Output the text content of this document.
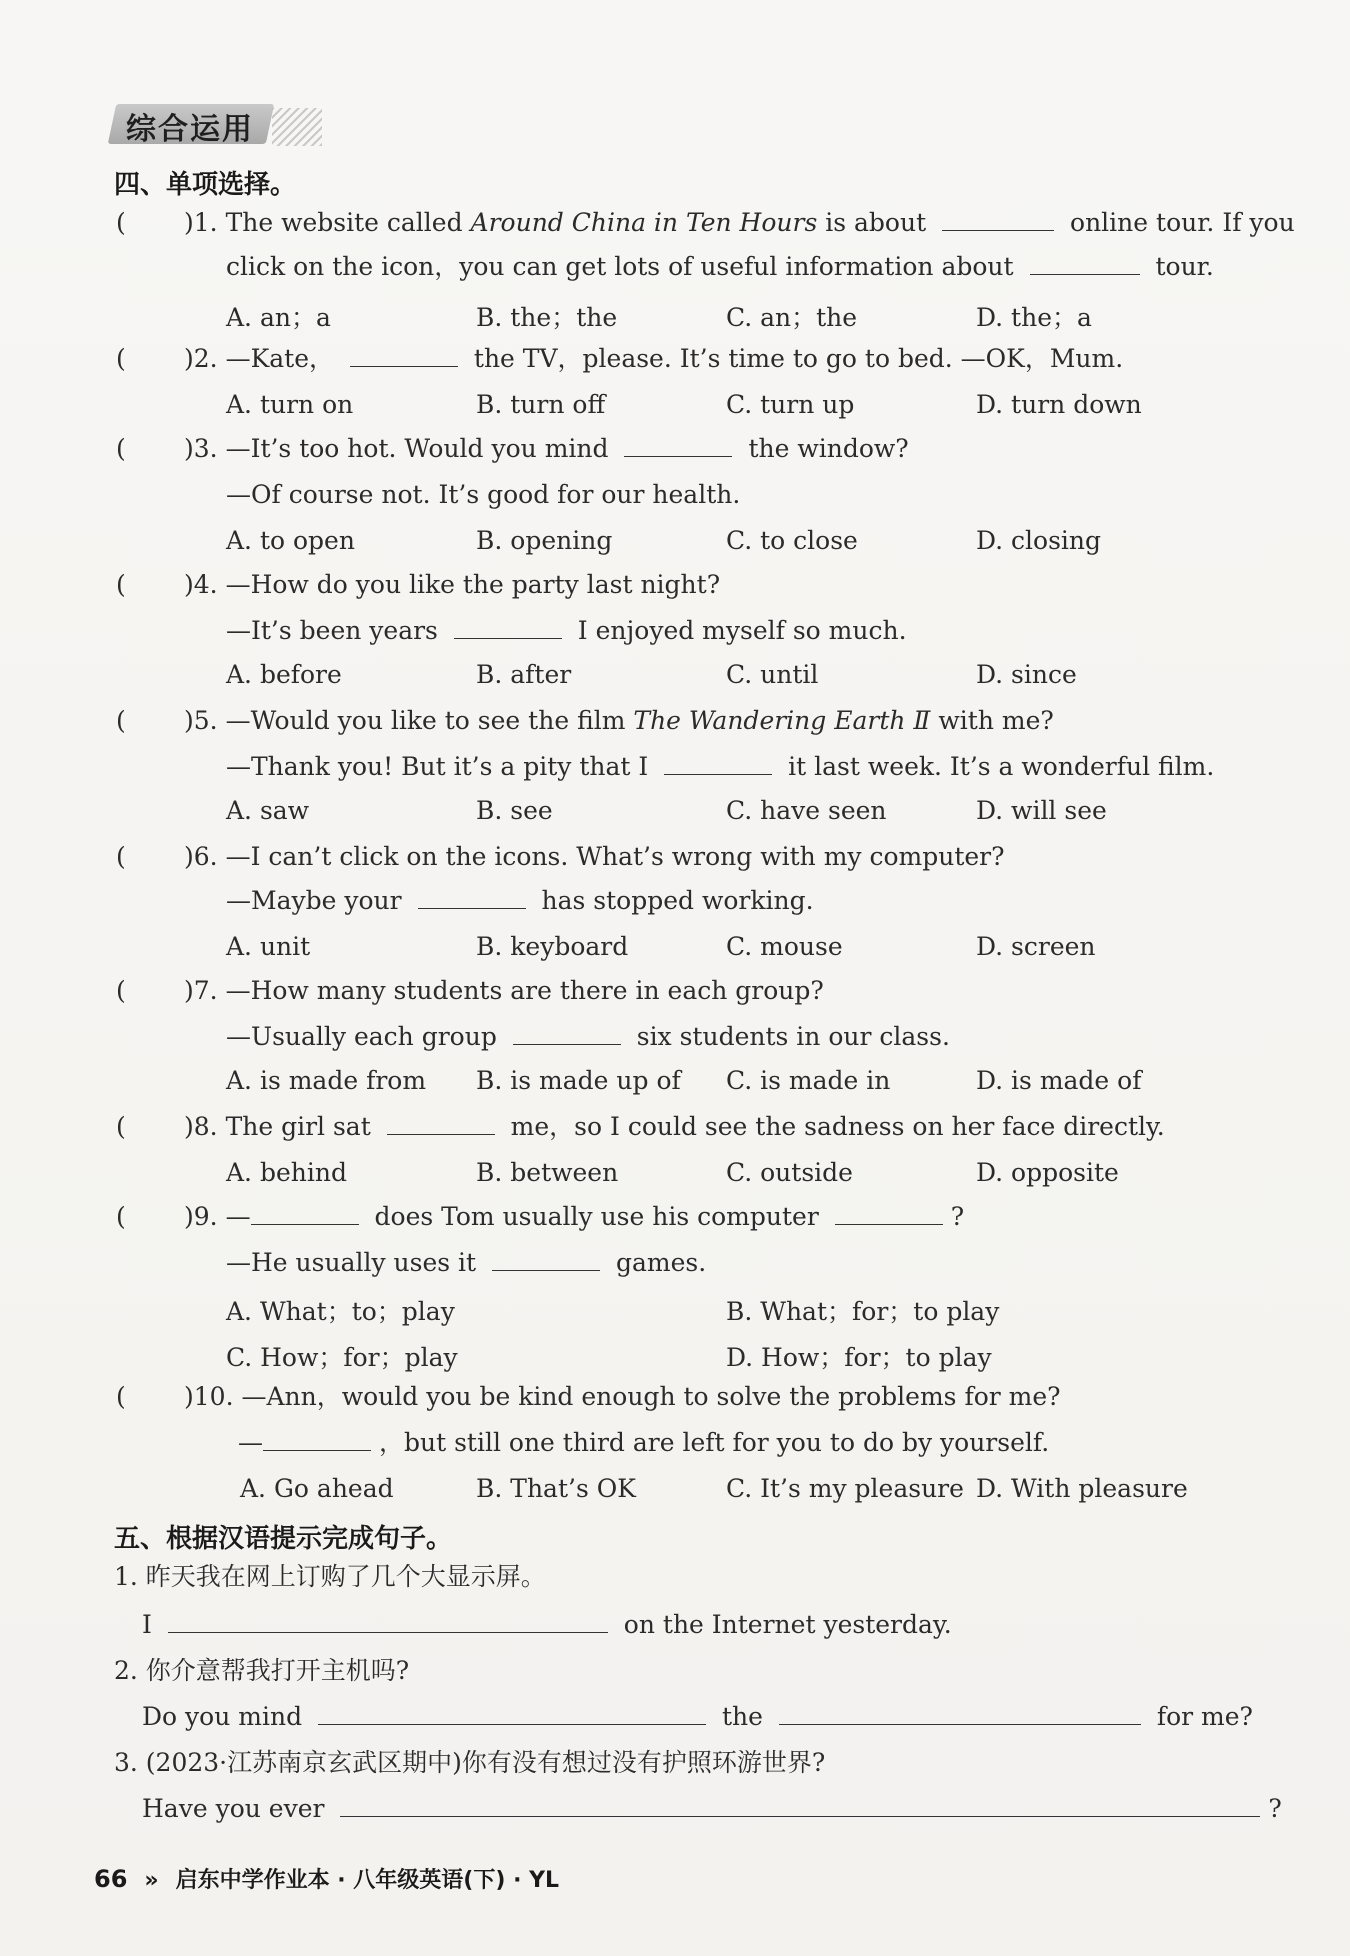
综合运用
四、单项选择。
( )1. The website called Around China in Ten Hours is about	online tour. If you
click on the icon，you can get lots of useful information about	tour.
A. an；a	B. the；the	C. an；the	D. the；a
( )2. —Kate，	the TV，please. It’s time to go to bed. —OK，Mum.
A. turn on	B. turn off	C. turn up	D. turn down
( )3. —It’s too hot. Would you mind	the window?
—Of course not. It’s good for our health.
A. to open	B. opening	C. to close	D. closing
( )4. —How do you like the party last night?
—It’s been years	I enjoyed myself so much.
A. before	B. after	C. until	D. since
( )5. —Would you like to see the film The Wandering Earth Ⅱ with me?
—Thank you! But it’s a pity that I	it last week. It’s a wonderful film.
A. saw	B. see	C. have seen	D. will see
( )6. —I can’t click on the icons. What’s wrong with my computer?
—Maybe your	has stopped working.
A. unit	B. keyboard	C. mouse	D. screen
( )7. —How many students are there in each group?
—Usually each group	six students in our class.
A. is made from B. is made up of C. is made in	D. is made of
( )8. The girl sat	me，so I could see the sadness on her face directly.
A. behind	B. between	C. outside	D. opposite
( )9. —	does Tom usually use his computer	?
—He usually uses it	games.
A. What；to；play	B. What；for；to play
C. How；for；play	D. How；for；to play
( )10. —Ann，would you be kind enough to solve the problems for me?
—	，but still one third are left for you to do by yourself.
A. Go ahead	B. That’s OK	C. It’s my pleasure D. With pleasure
五、根据汉语提示完成句子。
1. 昨天我在网上订购了几个大显示屏。
I	on the Internet yesterday.
2. 你介意帮我打开主机吗?
Do you mind	the	for me?
3. (2023·江苏南京玄武区期中)你有没有想过没有护照环游世界?
Have you ever	?
66 » 启东中学作业本 · 八年级英语(下) · YL
